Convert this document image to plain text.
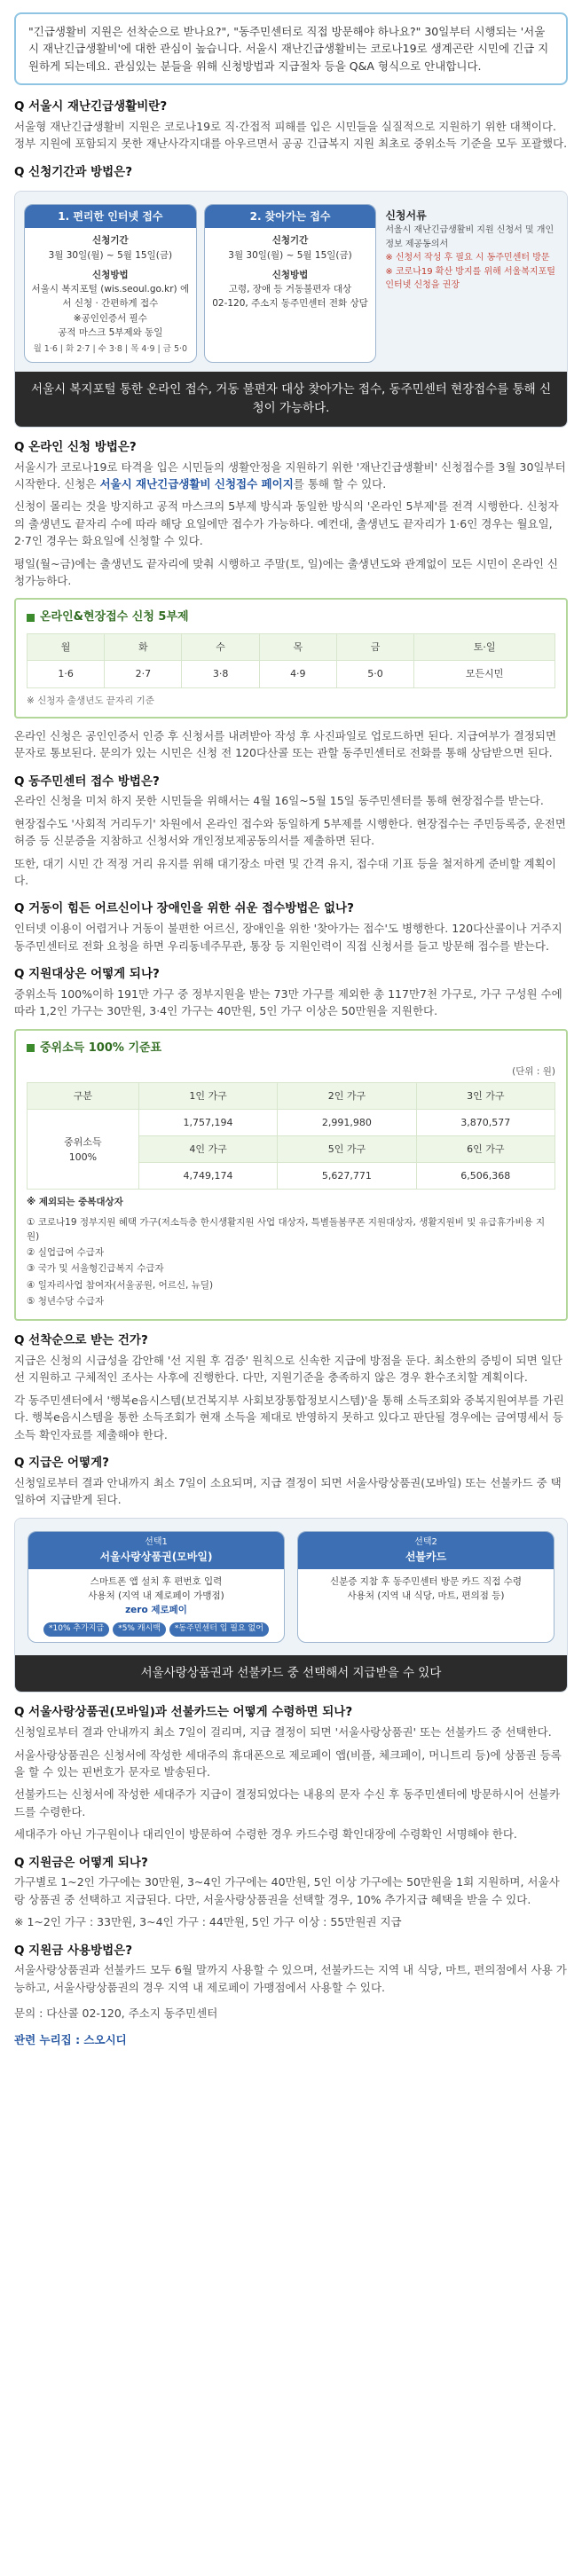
"긴급생활비 지원은 선착순으로 받나요?", "동주민센터로 직접 방문해야 하나요?" 30일부터 시행되는 '서울시 재난긴급생활비'에 대한 관심이 높습니다. 서울시 재난긴급생활비는 코로나19로 생계곤란 시민에 긴급 지원하게 되는데요. 관심있는 분들을 위해 신청방법과 지급절차 등을 Q&A 형식으로 안내합니다.
Q 서울시 재난긴급생활비란?
서울형 재난긴급생활비 지원은 코로나19로 직·간접적 피해를 입은 시민들을 실질적으로 지원하기 위한 대책이다. 정부 지원에 포함되지 못한 재난사각지대를 아우르면서 공공 긴급복지 지원 최초로 중위소득 기준을 모두 포괄했다.
Q 신청기간과 방법은?
1. 편리한 인터넷 접수
신청기간
3월 30일(월) ~ 5월 15일(금)
신청방법
서울시 복지포털 (wis.seoul.go.kr) 에서 신청 · 간편하게 접수
※공인인증서 필수
공적 마스크 5부제와 동일
월 1·6 | 화 2·7 | 수 3·8 | 목 4·9 | 금 5·0
2. 찾아가는 접수
신청기간
3월 30일(월) ~ 5월 15일(금)
신청방법
고령, 장애 등 거동불편자 대상
02-120, 주소지 동주민센터 전화 상담
신청서류
서울시 재난긴급생활비 지원 신청서 및 개인정보 제공동의서
※ 신청서 작성 후 필요 시 동주민센터 방문
※ 코로나19 확산 방지를 위해 서울복지포털 인터넷 신청을 권장
서울시 복지포털 통한 온라인 접수, 거동 불편자 대상 찾아가는 접수, 동주민센터 현장접수를 통해 신청이 가능하다.
Q 온라인 신청 방법은?
서울시가 코로나19로 타격을 입은 시민들의 생활안정을 지원하기 위한 '재난긴급생활비' 신청접수를 3월 30일부터 시작한다. 신청은 서울시 재난긴급생활비 신청접수 페이지를 통해 할 수 있다.
신청이 몰리는 것을 방지하고 공적 마스크의 5부제 방식과 동일한 방식의 '온라인 5부제'를 전격 시행한다. 신청자의 출생년도 끝자리 수에 따라 해당 요일에만 접수가 가능하다. 예컨대, 출생년도 끝자리가 1·6인 경우는 월요일, 2·7인 경우는 화요일에 신청할 수 있다.
평일(월~금)에는 출생년도 끝자리에 맞춰 시행하고 주말(토, 일)에는 출생년도와 관계없이 모든 시민이 온라인 신청가능하다.
온라인&현장접수 신청 5부제
월	화	수	목	금	토·일
1·6	2·7	3·8	4·9	5·0	모든시민
※ 신청자 출생년도 끝자리 기준
온라인 신청은 공인인증서 인증 후 신청서를 내려받아 작성 후 사진파일로 업로드하면 된다. 지급여부가 결정되면 문자로 통보된다. 문의가 있는 시민은 신청 전 120다산콜 또는 관할 동주민센터로 전화를 통해 상담받으면 된다.
Q 동주민센터 접수 방법은?
온라인 신청을 미처 하지 못한 시민들을 위해서는 4월 16일~5월 15일 동주민센터를 통해 현장접수를 받는다.
현장접수도 '사회적 거리두기' 차원에서 온라인 접수와 동일하게 5부제를 시행한다. 현장접수는 주민등록증, 운전면허증 등 신분증을 지참하고 신청서와 개인정보제공동의서를 제출하면 된다.
또한, 대기 시민 간 적정 거리 유지를 위해 대기장소 마련 및 간격 유지, 접수대 기표 등을 철저하게 준비할 계획이다.
Q 거동이 힘든 어르신이나 장애인을 위한 쉬운 접수방법은 없나?
인터넷 이용이 어렵거나 거동이 불편한 어르신, 장애인을 위한 '찾아가는 접수'도 병행한다. 120다산콜이나 거주지 동주민센터로 전화 요청을 하면 우리동네주무관, 통장 등 지원인력이 직접 신청서를 들고 방문해 접수를 받는다.
Q 지원대상은 어떻게 되나?
중위소득 100%이하 191만 가구 중 정부지원을 받는 73만 가구를 제외한 총 117만7천 가구로, 가구 구성원 수에 따라 1,2인 가구는 30만원, 3·4인 가구는 40만원, 5인 가구 이상은 50만원을 지원한다.
중위소득 100% 기준표
(단위 : 원)
구분	1인 가구	2인 가구	3인 가구

중위소득
100%	1,757,194	2,991,980	3,870,577
	4인 가구	5인 가구	6인 가구
	4,749,174	5,627,771	6,506,368
※ 제외되는 중복대상자
① 코로나19 정부지원 혜택 가구(저소득층 한시생활지원 사업 대상자, 특별돌봄쿠폰 지원대상자, 생활지원비 및 유급휴가비용 지원)
② 실업급여 수급자
③ 국가 및 서울형긴급복지 수급자
④ 일자리사업 참여자(서울공원, 어르신, 뉴딜)
⑤ 청년수당 수급자
Q 선착순으로 받는 건가?
지급은 신청의 시급성을 감안해 '선 지원 후 검증' 원칙으로 신속한 지급에 방점을 둔다. 최소한의 증빙이 되면 일단 선 지원하고 구체적인 조사는 사후에 진행한다. 다만, 지원기준을 충족하지 않은 경우 환수조치할 계획이다.
각 동주민센터에서 '행복e음시스템(보건복지부 사회보장통합정보시스템)'을 통해 소득조회와 중복지원여부를 가린다. 행복e음시스템을 통한 소득조회가 현재 소득을 제대로 반영하지 못하고 있다고 판단될 경우에는 금여명세서 등 소득 확인자료를 제출해야 한다.
Q 지급은 어떻게?
신청일로부터 결과 안내까지 최소 7일이 소요되며, 지급 결정이 되면 서울사랑상품권(모바일) 또는 선불카드 중 택일하여 지급받게 된다.
선택1
서울사랑상품권(모바일)
스마트폰 앱 설치 후 편번호 입력
사용처 (지역 내 제로페이 가맹점)
zero 제로페이
*10% 추가지급	*5% 캐시백	*동주민센터 입 필요 없어
선택2
선불카드
신분증 지참 후 동주민센터 방문 카드 직접 수령
사용처 (지역 내 식당, 마트, 편의점 등)
서울사랑상품권과 선불카드 중 선택해서 지급받을 수 있다
Q 서울사랑상품권(모바일)과 선불카드는 어떻게 수령하면 되나?
신청일로부터 결과 안내까지 최소 7일이 걸리며, 지급 결정이 되면 '서울사랑상품권' 또는 선불카드 중 선택한다.
서울사랑상품권은 신청서에 작성한 세대주의 휴대폰으로 제로페이 앱(비플, 체크페이, 머니트리 등)에 상품권 등록을 할 수 있는 핀번호가 문자로 발송된다.
선불카드는 신청서에 작성한 세대주가 지급이 결정되었다는 내용의 문자 수신 후 동주민센터에 방문하시어 선불카드를 수령한다.
세대주가 아닌 가구원이나 대리인이 방문하여 수령한 경우 카드수령 확인대장에 수령확인 서명해야 한다.
Q 지원금은 어떻게 되나?
가구별로 1~2인 가구에는 30만원, 3~4인 가구에는 40만원, 5인 이상 가구에는 50만원을 1회 지원하며, 서울사랑 상품권 중 선택하고 지급된다. 다만, 서울사랑상품권을 선택할 경우, 10% 추가지급 혜택을 받을 수 있다.
※ 1~2인 가구 : 33만원, 3~4인 가구 : 44만원, 5인 가구 이상 : 55만원권 지급
Q 지원금 사용방법은?
서울사랑상품권과 선불카드 모두 6월 말까지 사용할 수 있으며, 선불카드는 지역 내 식당, 마트, 편의점에서 사용 가능하고, 서울사랑상품권의 경우 지역 내 제로페이 가맹점에서 사용할 수 있다.
문의 : 다산콜 02-120, 주소지 동주민센터
관련 누리집 : 스오시디
